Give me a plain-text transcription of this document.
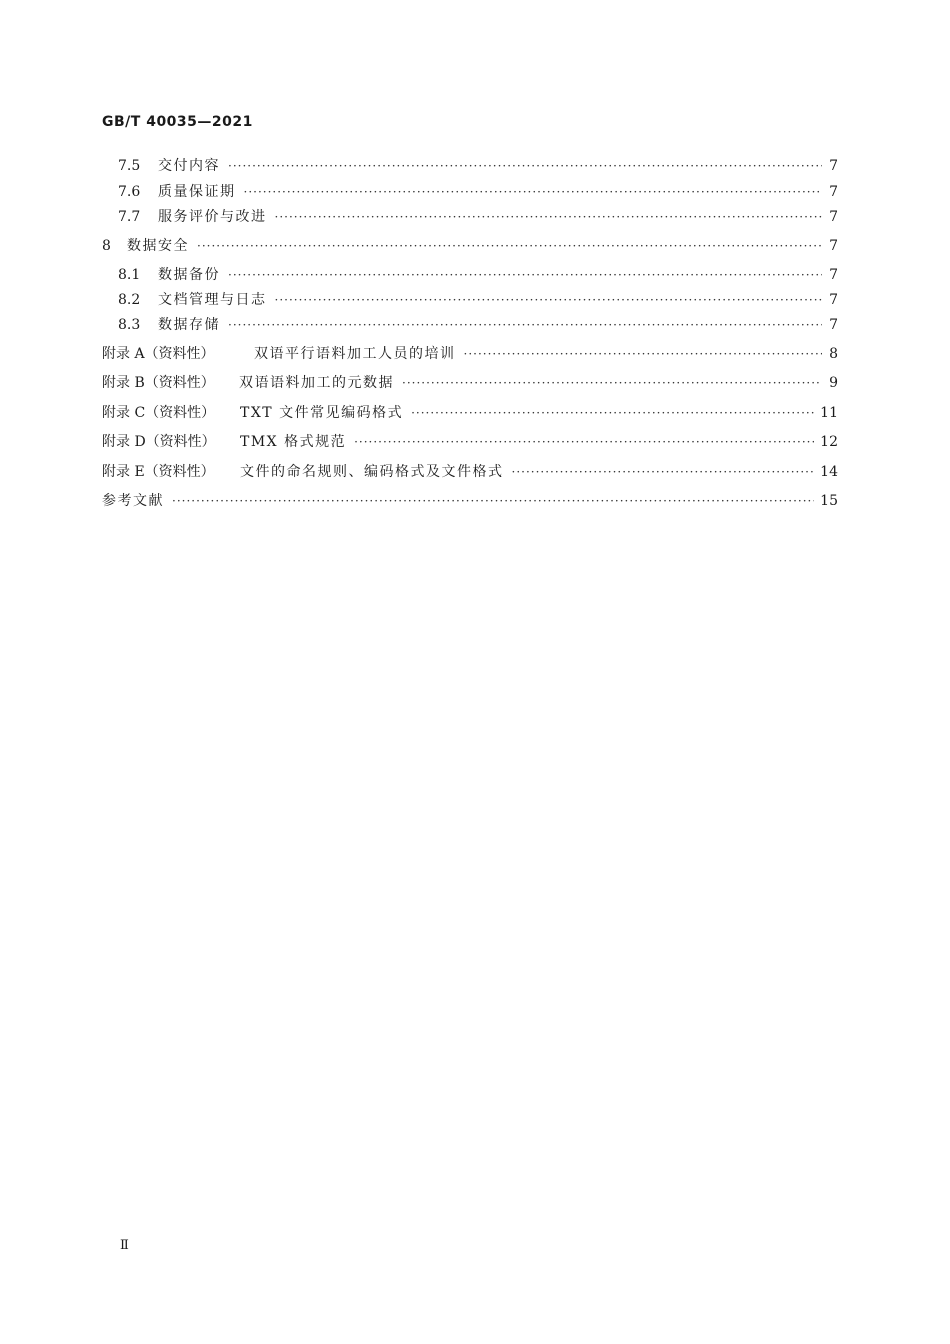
GB/T 40035—2021
7.5	交付内容 ·····	7
7.6	质量保证期 ·····	7
7.7	服务评价与改进 ·····	7
8	数据安全 ·····	7
8.1	数据备份 ·····	7
8.2	文档管理与日志 ·····	7
8.3	数据存储 ·····	7
附录 A（资料性）	双语平行语料加工人员的培训 ·····	8
附录 B（资料性）	双语语料加工的元数据 ·····	9
附录 C（资料性）	TXT 文件常见编码格式 ·····	11
附录 D（资料性）	TMX 格式规范 ·····	12
附录 E（资料性）	文件的命名规则、编码格式及文件格式 ·····	14
参考文献 ·····	15
Ⅱ
